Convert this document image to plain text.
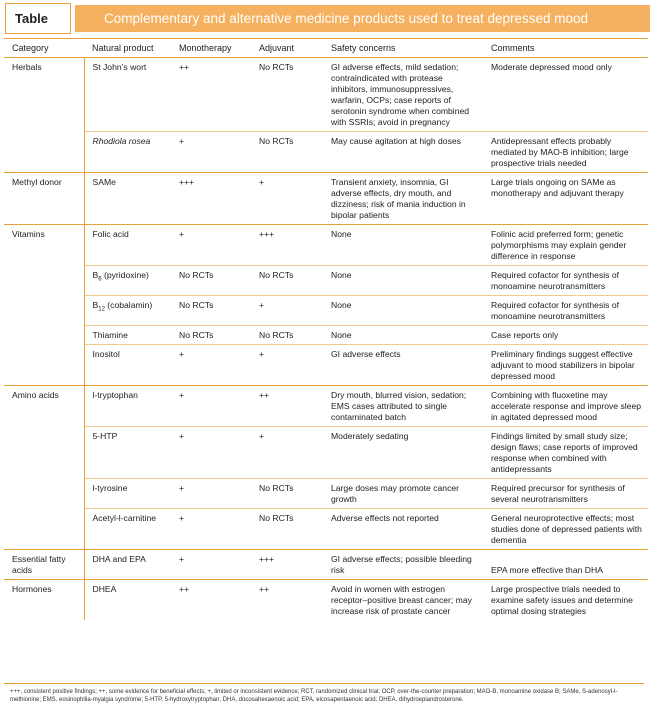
Table	Complementary and alternative medicine products used to treat depressed mood
Category	Natural product	Monotherapy	Adjuvant	Safety concerns	Comments
Herbals	St John’s wort	++	No RCTs	GI adverse effects, mild sedation; contraindicated with protease inhibitors, immunosuppressives, warfarin, OCPs; case reports of serotonin syndrome when combined with SSRIs; avoid in pregnancy	Moderate depressed mood only
	Rhodiola rosea	+	No RCTs	May cause agitation at high doses	Antidepressant effects probably mediated by MAO-B inhibition; large prospective trials needed
Methyl donor	SAMe	+++	+	Transient anxiety, insomnia, GI adverse effects, dry mouth, and dizziness; risk of mania induction in bipolar patients	Large trials ongoing on SAMe as monotherapy and adjuvant therapy
Vitamins	Folic acid	+	+++	None	Folinic acid preferred form; genetic polymorphisms may explain gender difference in response
	$B_6$ (pyridoxine)	No RCTs	No RCTs	None	Required cofactor for synthesis of monoamine neurotransmitters
	$B_{12}$ (cobalamin)	No RCTs	+	None	Required cofactor for synthesis of monoamine neurotransmitters
	Thiamine	No RCTs	No RCTs	None	Case reports only
	Inositol	+	+	GI adverse effects	Preliminary findings suggest effective adjuvant to mood stabilizers in bipolar depressed mood
Amino acids	l-tryptophan	+	++	Dry mouth, blurred vision, sedation; EMS cases attributed to single contaminated batch	Combining with fluoxetine may accelerate response and improve sleep in agitated depressed mood
	5-HTP	+	+	Moderately sedating	Findings limited by small study size; design flaws; case reports of improved response when combined with antidepressants
	l-tyrosine	+	No RCTs	Large doses may promote cancer growth	Required precursor for synthesis of several neurotransmitters
	Acetyl-l-carnitine	+	No RCTs	Adverse effects not reported	General neuroprotective effects; most studies done of depressed patients with dementia
Essential fatty acids	DHA and EPA	+	+++	GI adverse effects; possible bleeding risk	EPA more effective than DHA
Hormones	DHEA	++	++	Avoid in women with estrogen receptor–positive breast cancer; may increase risk of prostate cancer	Large prospective trials needed to examine safety issues and determine optimal dosing strategies
+++, consistent positive findings; ++, some evidence for beneficial effects; +, limited or inconsistent evidence; RCT, randomized clinical trial; OCP, over-the-counter preparation; MAO-B, monoamine oxidase B; SAMe, S-adenosyl-l-methionine; EMS, eosinophilia-myalgia syndrome; 5-HTP, 5-hydroxytryptophan; DHA, docosahexaenoic acid; EPA, eicosapentaenoic acid; DHEA, dihydroepiandrosterone.
